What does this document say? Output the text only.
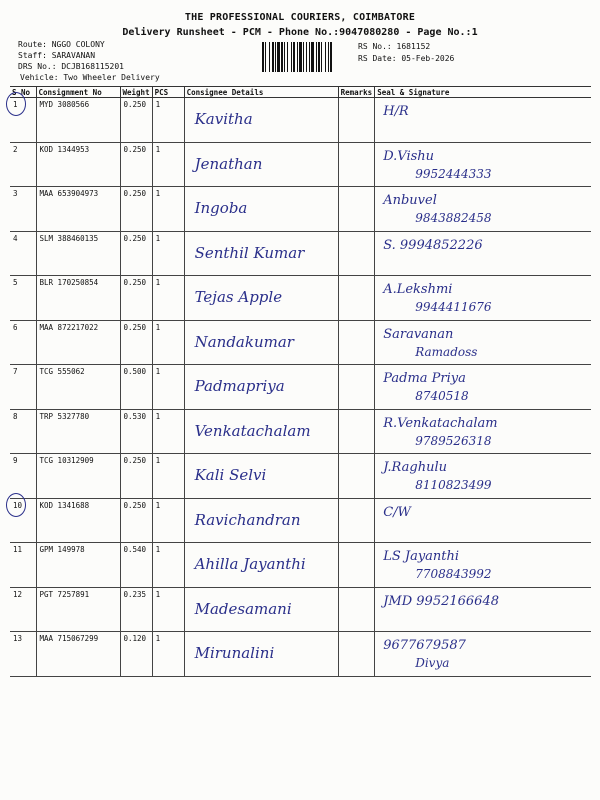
THE PROFESSIONAL COURIERS, COIMBATORE
Delivery Runsheet - PCM - Phone No.:9047080280 - Page No.:1
Route: NGGO COLONY
Staff: SARAVANAN
DRS No.: DCJB168115201
Vehicle: Two Wheeler Delivery
RS No.: 1681152
RS Date: 05-Feb-2026
S No	Consignment No	Weight	PCS	Consignee Details	Remarks	Seal & Signature

1	MYD 3080566	0.250	1	Kavitha		H/R

2	KOD 1344953	0.250	1	Jenathan		D.Vishu
9952444333

3	MAA 653904973	0.250	1	Ingoba		Anbuvel
9843882458

4	SLM 388460135	0.250	1	Senthil Kumar		S. 9994852226

5	BLR 170250854	0.250	1	Tejas Apple		A.Lekshmi
9944411676

6	MAA 872217022	0.250	1	Nandakumar		Saravanan
Ramadoss

7	TCG 555062	0.500	1	Padmapriya		Padma Priya
8740518

8	TRP 5327780	0.530	1	Venkatachalam		R.Venkatachalam
9789526318

9	TCG 10312909	0.250	1	Kali Selvi		J.Raghulu
8110823499

10	KOD 1341688	0.250	1	Ravichandran		C/W

11	GPM 149978	0.540	1	Ahilla Jayanthi		LS Jayanthi
7708843992

12	PGT 7257891	0.235	1	Madesamani		JMD 9952166648

13	MAA 715067299	0.120	1	Mirunalini		9677679587
Divya
